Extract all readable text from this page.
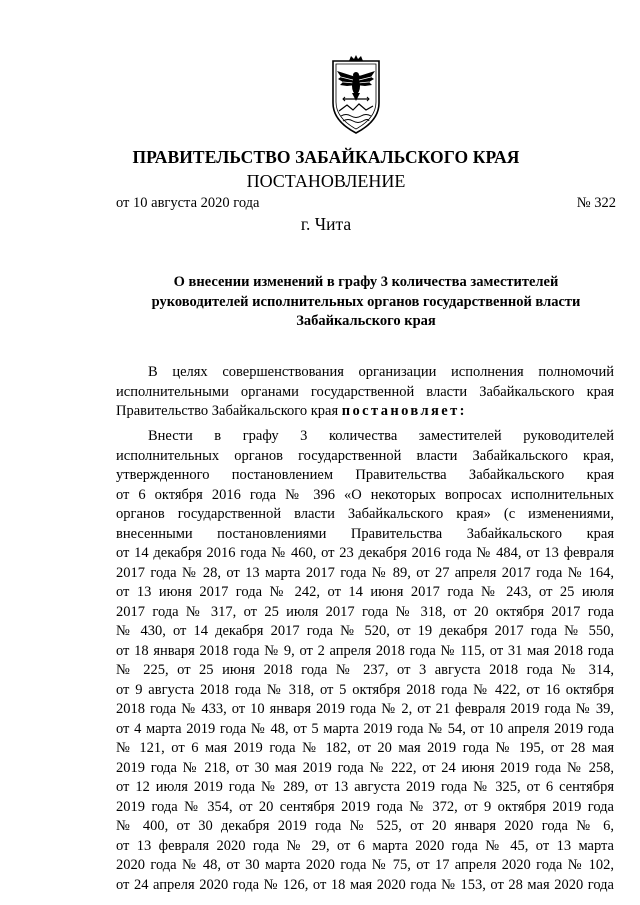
ПРАВИТЕЛЬСТВО ЗАБАЙКАЛЬСКОГО КРАЯ
ПОСТАНОВЛЕНИЕ
от 10 августа 2020 года	№ 322
г. Чита
О внесении изменений в графу 3 количества заместителей
руководителей исполнительных органов государственной власти
Забайкальского края
В целях совершенствования организации исполнения полномочий
исполнительными органами государственной власти Забайкальского края
Правительство Забайкальского края постановляет:
Внести в графу 3 количества заместителей руководителей
исполнительных органов государственной власти Забайкальского края,
утвержденного постановлением Правительства Забайкальского края
от 6 октября 2016 года № 396 «О некоторых вопросах исполнительных
органов государственной власти Забайкальского края» (с изменениями,
внесенными постановлениями Правительства Забайкальского края
от 14 декабря 2016 года № 460, от 23 декабря 2016 года № 484, от 13 февраля
2017 года № 28, от 13 марта 2017 года № 89, от 27 апреля 2017 года № 164,
от 13 июня 2017 года № 242, от 14 июня 2017 года № 243, от 25 июля
2017 года № 317, от 25 июля 2017 года № 318, от 20 октября 2017 года
№ 430, от 14 декабря 2017 года № 520, от 19 декабря 2017 года № 550,
от 18 января 2018 года № 9, от 2 апреля 2018 года № 115, от 31 мая 2018 года
№ 225, от 25 июня 2018 года № 237, от 3 августа 2018 года № 314,
от 9 августа 2018 года № 318, от 5 октября 2018 года № 422, от 16 октября
2018 года № 433, от 10 января 2019 года № 2, от 21 февраля 2019 года № 39,
от 4 марта 2019 года № 48, от 5 марта 2019 года № 54, от 10 апреля 2019 года
№ 121, от 6 мая 2019 года № 182, от 20 мая 2019 года № 195, от 28 мая
2019 года № 218, от 30 мая 2019 года № 222, от 24 июня 2019 года № 258,
от 12 июля 2019 года № 289, от 13 августа 2019 года № 325, от 6 сентября
2019 года № 354, от 20 сентября 2019 года № 372, от 9 октября 2019 года
№ 400, от 30 декабря 2019 года № 525, от 20 января 2020 года № 6,
от 13 февраля 2020 года № 29, от 6 марта 2020 года № 45, от 13 марта
2020 года № 48, от 30 марта 2020 года № 75, от 17 апреля 2020 года № 102,
от 24 апреля 2020 года № 126, от 18 мая 2020 года № 153, от 28 мая 2020 года
